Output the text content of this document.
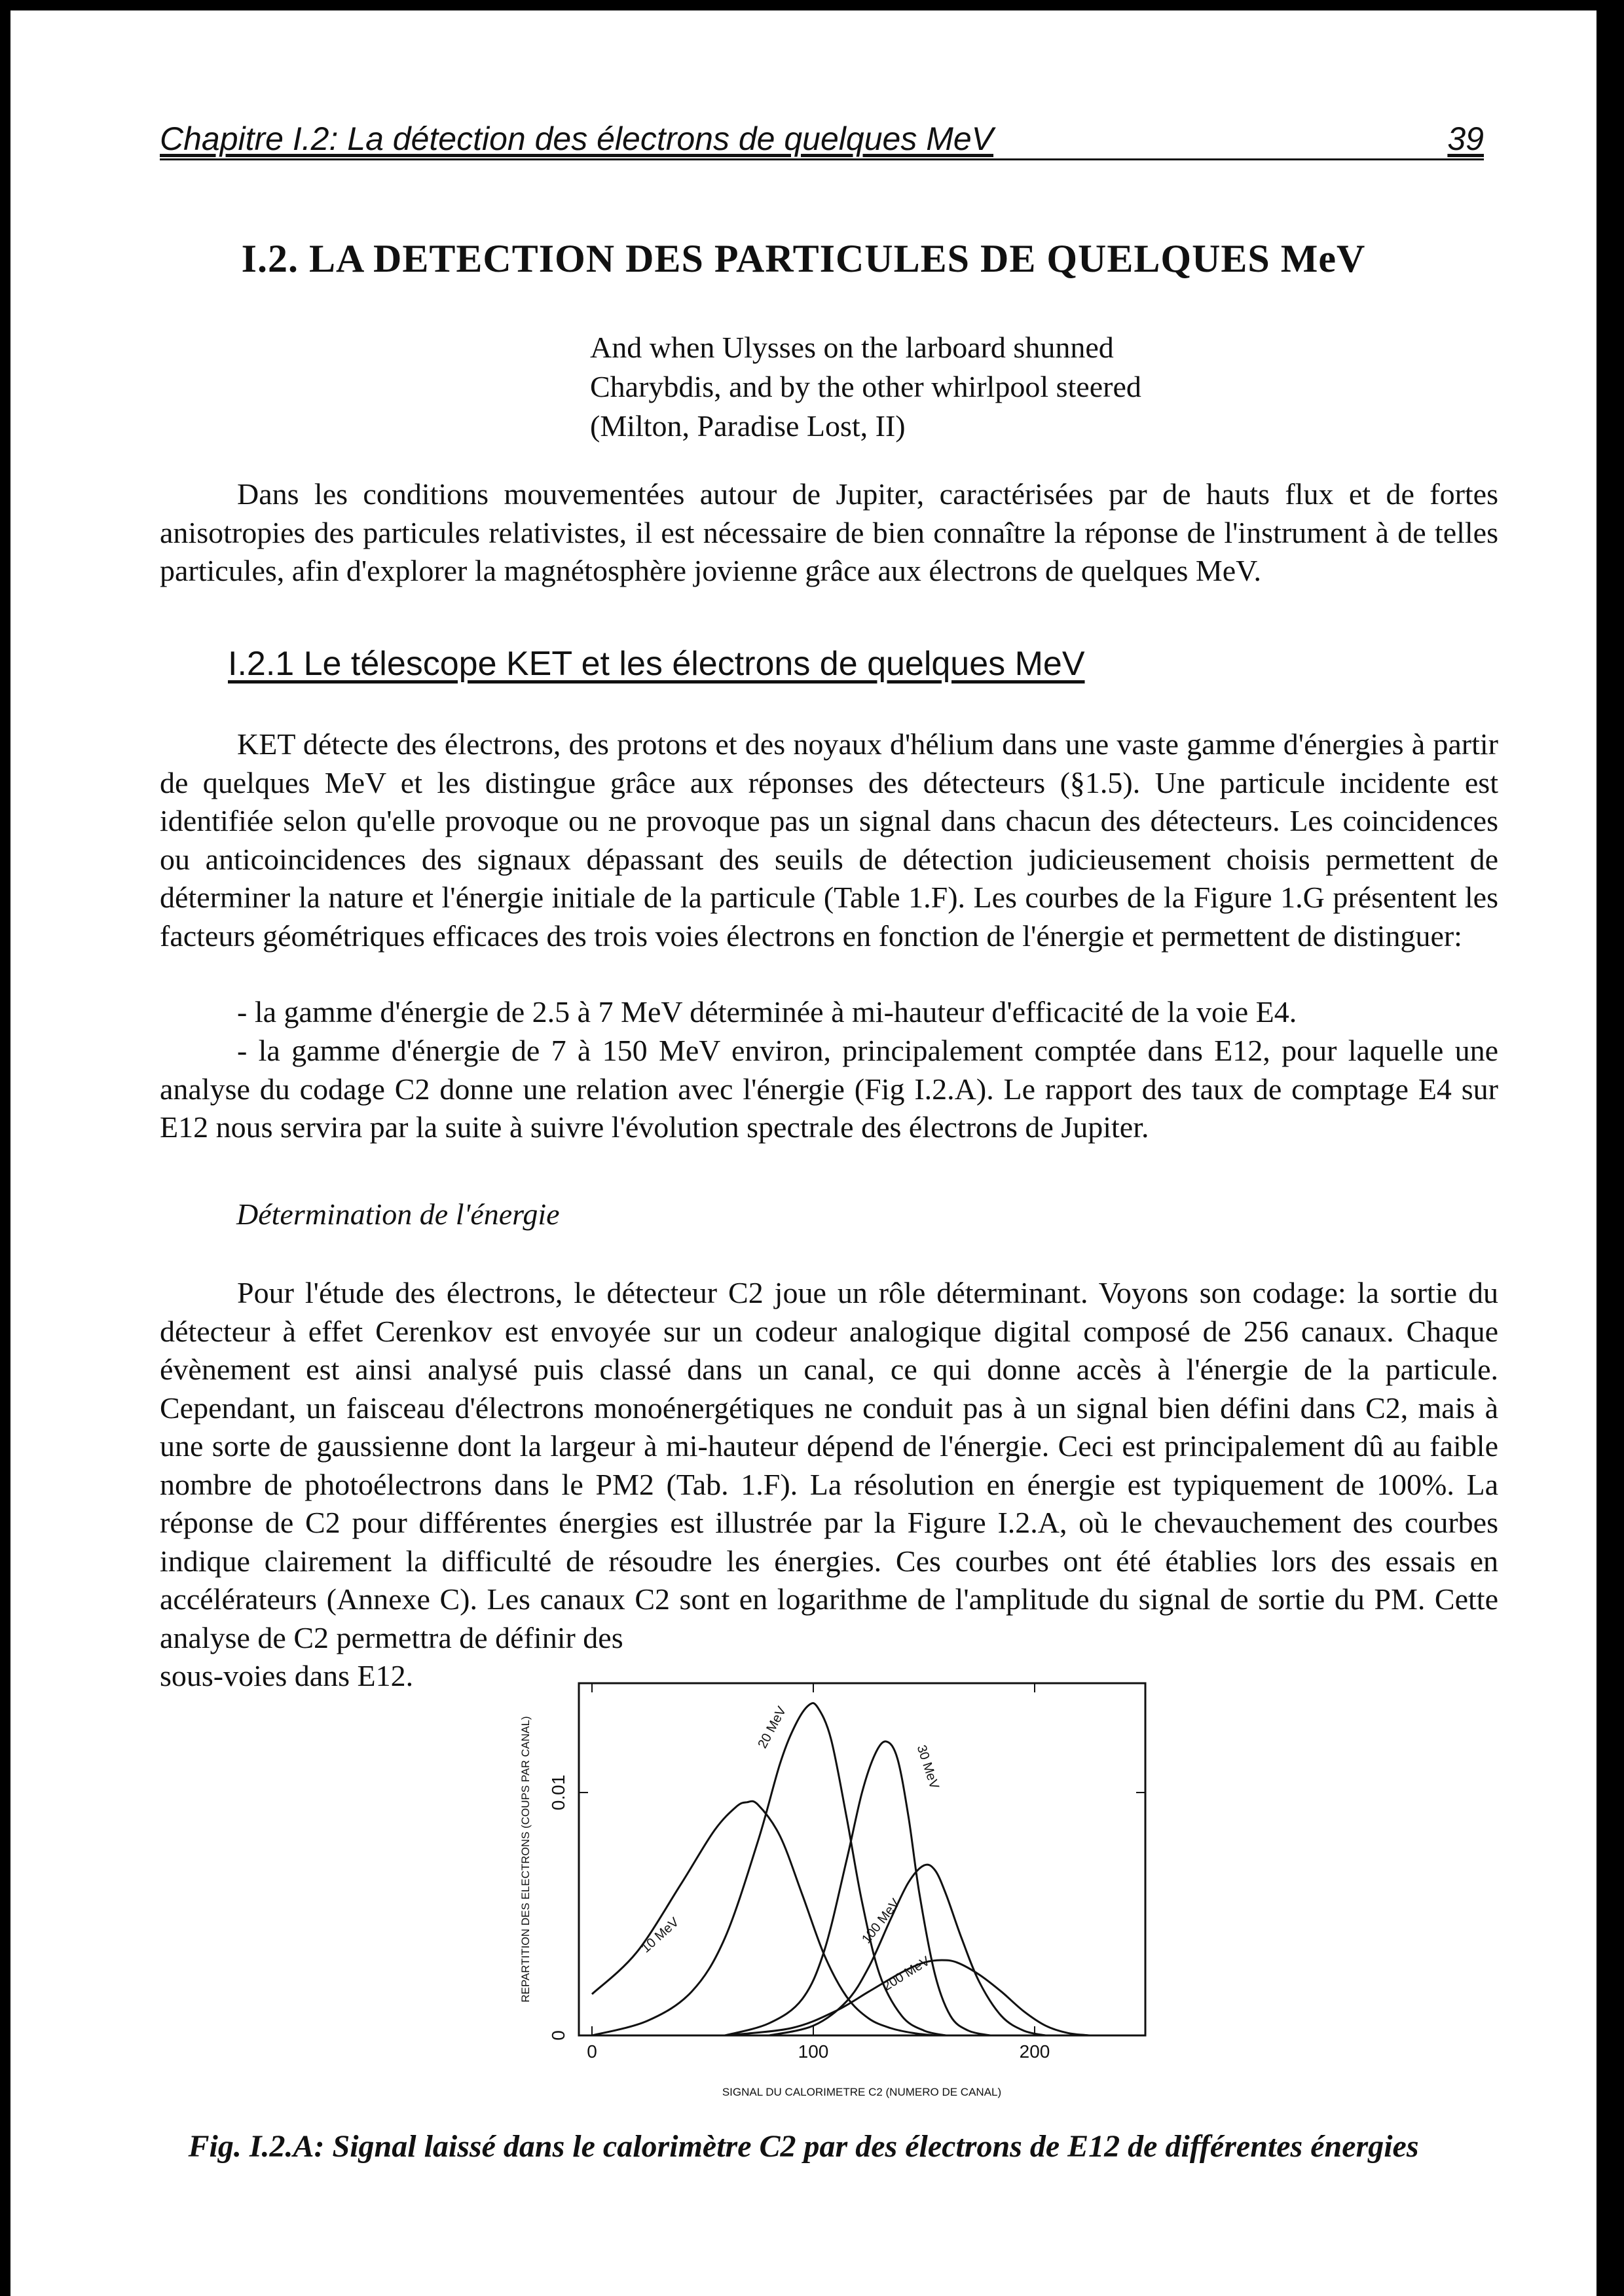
Chapitre I.2: La détection des électrons de quelques MeV	39
I.2. LA DETECTION DES PARTICULES DE QUELQUES MeV
And when Ulysses on the larboard shunned
Charybdis, and by the other whirlpool steered
(Milton, Paradise Lost, II)
Dans les conditions mouvementées autour de Jupiter, caractérisées par de hauts flux et de fortes anisotropies des particules relativistes, il est nécessaire de bien connaître la réponse de l'instrument à de telles particules, afin d'explorer la magnétosphère jovienne grâce aux électrons de quelques MeV.
I.2.1 Le télescope KET et les électrons de quelques MeV
KET détecte des électrons, des protons et des noyaux d'hélium dans une vaste gamme d'énergies à partir de quelques MeV et les distingue grâce aux réponses des détecteurs (§1.5). Une particule incidente est identifiée selon qu'elle provoque ou ne provoque pas un signal dans chacun des détecteurs. Les coincidences ou anticoincidences des signaux dépassant des seuils de détection judicieusement choisis permettent de déterminer la nature et l'énergie initiale de la particule (Table 1.F). Les courbes de la Figure 1.G présentent les facteurs géométriques efficaces des trois voies électrons en fonction de l'énergie et permettent de distinguer:
- la gamme d'énergie de 2.5 à 7 MeV déterminée à mi-hauteur d'efficacité de la voie E4.
- la gamme d'énergie de 7 à 150 MeV environ, principalement comptée dans E12, pour laquelle une analyse du codage C2 donne une relation avec l'énergie (Fig I.2.A). Le rapport des taux de comptage E4 sur E12 nous servira par la suite à suivre l'évolution spectrale des électrons de Jupiter.
Détermination de l'énergie
Pour l'étude des électrons, le détecteur C2 joue un rôle déterminant. Voyons son codage: la sortie du détecteur à effet Cerenkov est envoyée sur un codeur analogique digital composé de 256 canaux. Chaque évènement est ainsi analysé puis classé dans un canal, ce qui donne accès à l'énergie de la particule. Cependant, un faisceau d'électrons monoénergétiques ne conduit pas à un signal bien défini dans C2, mais à une sorte de gaussienne dont la largeur à mi-hauteur dépend de l'énergie. Ceci est principalement dû au faible nombre de photoélectrons dans le PM2 (Tab. 1.F). La résolution en énergie est typiquement de 100%. La réponse de C2 pour différentes énergies est illustrée par la Figure I.2.A, où le chevauchement des courbes indique clairement la difficulté de résoudre les énergies. Ces courbes ont été établies lors des essais en accélérateurs (Annexe C). Les canaux C2 sont en logarithme de l'amplitude du signal de sortie du PM. Cette analyse de C2 permettra de définir des
sous-voies dans E12.
0	100	200
0
0.01
10 MeV
20 MeV
30 MeV
100 MeV
200 MeV
SIGNAL DU CALORIMETRE C2 (NUMERO DE CANAL)
REPARTITION DES ELECTRONS (COUPS PAR CANAL)
Fig. I.2.A: Signal laissé dans le calorimètre C2 par des électrons de E12 de différentes énergies
